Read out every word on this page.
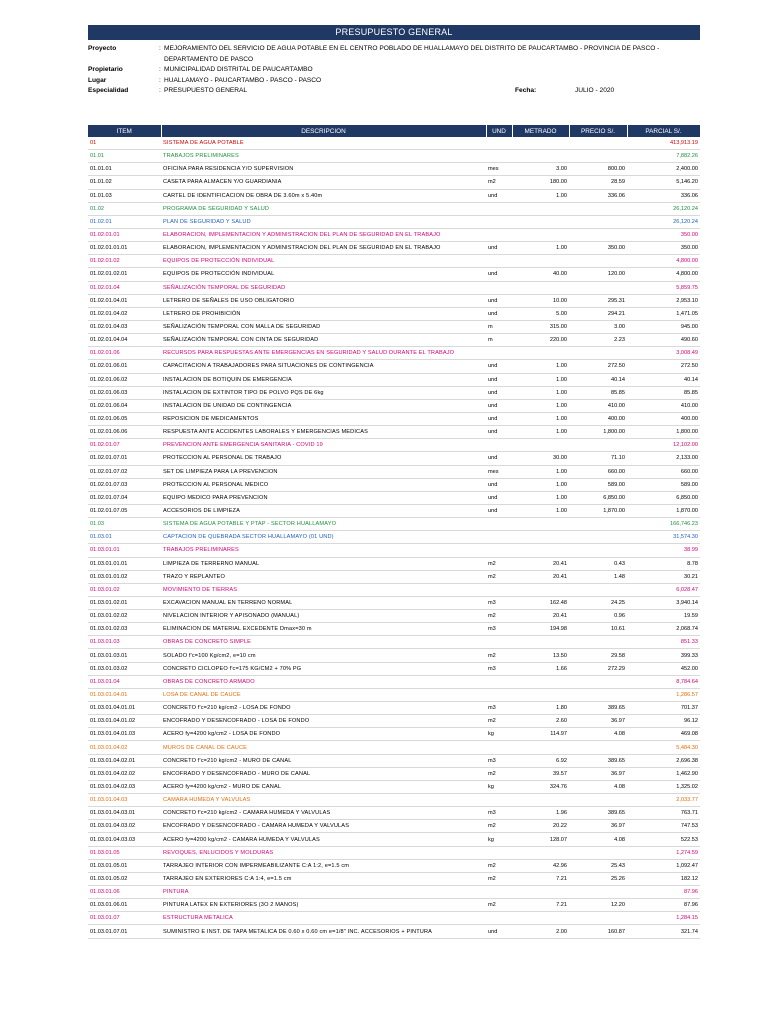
PRESUPUESTO GENERAL
Proyecto	: MEJORAMIENTO DEL SERVICIO DE AGUA POTABLE EN EL CENTRO POBLADO DE HUALLAMAYO DEL DISTRITO DE PAUCARTAMBO - PROVINCIA DE PASCO - DEPARTAMENTO DE PASCO
Propietario	: MUNICIPALIDAD DISTRITAL DE PAUCARTAMBO
Lugar	: HUALLAMAYO - PAUCARTAMBO - PASCO - PASCO
Especialidad	: PRESUPUESTO GENERAL	Fecha:	JULIO - 2020
ITEM	DESCRIPCION	UND	METRADO	PRECIO S/.	PARCIAL S/.
01	SISTEMA DE AGUA POTABLE				413,913.19
01.01	TRABAJOS PRELIMINARES				7,882.26
01.01.01	OFICINA PARA RESIDENCIA Y/O SUPERVISION	mes	3.00	800.00	2,400.00
01.01.02	CASETA PARA ALMACEN Y/O GUARDIANIA	m2	180.00	28.59	5,146.20
01.01.03	CARTEL DE IDENTIFICACION DE OBRA DE 3.60m x 5.40m	und	1.00	336.06	336.06
01.02	PROGRAMA DE SEGURIDAD Y SALUD				26,120.24
01.02.01	PLAN DE SEGURIDAD Y SALUD				26,120.24
01.02.01.01	ELABORACION, IMPLEMENTACION Y ADMINISTRACION DEL PLAN DE SEGURIDAD EN EL TRABAJO				350.00
01.02.01.01.01	ELABORACION, IMPLEMENTACION Y ADMINISTRACION DEL PLAN DE SEGURIDAD EN EL TRABAJO	und	1.00	350.00	350.00
01.02.01.02	EQUIPOS DE PROTECCIÓN INDIVIDUAL				4,800.00
01.02.01.02.01	EQUIPOS DE PROTECCIÓN INDIVIDUAL	und	40.00	120.00	4,800.00
01.02.01.04	SEÑALIZACIÓN TEMPORAL DE SEGURIDAD				5,859.75
01.02.01.04.01	LETRERO DE SEÑALES DE USO OBLIGATORIO	und	10.00	295.31	2,953.10
01.02.01.04.02	LETRERO DE PROHIBICIÓN	und	5.00	294.21	1,471.05
01.02.01.04.03	SEÑALIZACIÓN TEMPORAL CON MALLA DE SEGURIDAD	m	315.00	3.00	945.00
01.02.01.04.04	SEÑALIZACIÓN TEMPORAL CON CINTA DE SEGURIDAD	m	220.00	2.23	490.60
01.02.01.06	RECURSOS PARA RESPUESTAS ANTE EMERGENCIAS EN SEGURIDAD Y SALUD DURANTE EL TRABAJO				3,008.49
01.02.01.06.01	CAPACITACION A TRABAJADORES PARA SITUACIONES DE CONTINGENCIA	und	1.00	272.50	272.50
01.02.01.06.02	INSTALACION DE BOTIQUIN DE EMERGENCIA	und	1.00	40.14	40.14
01.02.01.06.03	INSTALACION DE EXTINTOR TIPO DE POLVO PQS DE 6kg	und	1.00	85.85	85.85
01.02.01.06.04	INSTALACION DE UNIDAD DE CONTINGENCIA	und	1.00	410.00	410.00
01.02.01.06.05	REPOSICION DE MEDICAMENTOS	und	1.00	400.00	400.00
01.02.01.06.06	RESPUESTA ANTE ACCIDENTES LABORALES Y EMERGENCIAS MEDICAS	und	1.00	1,800.00	1,800.00
01.02.01.07	PREVENCION ANTE EMERGENCIA SANITARIA - COVID 19				12,102.00
01.02.01.07.01	PROTECCION AL PERSONAL DE TRABAJO	und	30.00	71.10	2,133.00
01.02.01.07.02	SET DE LIMPIEZA PARA LA PREVENCION	mes	1.00	660.00	660.00
01.02.01.07.03	PROTECCION AL PERSONAL MEDICO	und	1.00	589.00	589.00
01.02.01.07.04	EQUIPO MEDICO PARA PREVENCION	und	1.00	6,850.00	6,850.00
01.02.01.07.05	ACCESORIOS DE LIMPIEZA	und	1.00	1,870.00	1,870.00
01.03	SISTEMA DE AGUA POTABLE Y PTAP - SECTOR HUALLAMAYO				166,746.23
01.03.01	CAPTACION DE QUEBRADA SECTOR HUALLAMAYO (01 UND)				31,574.30
01.03.01.01	TRABAJOS PRELIMINARES				38.99
01.03.01.01.01	LIMPIEZA DE TERRERNO MANUAL	m2	20.41	0.43	8.78
01.03.01.01.02	TRAZO Y REPLANTEO	m2	20.41	1.48	30.21
01.03.01.02	MOVIMIENTO DE TIERRAS				6,028.47
01.03.01.02.01	EXCAVACION MANUAL EN TERRENO NORMAL	m3	162.48	24.25	3,940.14
01.03.01.02.02	NIVELACION INTERIOR Y APISONADO (MANUAL)	m2	20.41	0.96	19.59
01.03.01.02.03	ELIMINACION DE MATERIAL EXCEDENTE Dmax=30 m	m3	194.98	10.61	2,068.74
01.03.01.03	OBRAS DE CONCRETO SIMPLE				851.33
01.03.01.03.01	SOLADO f'c=100 Kg/cm2, e=10 cm	m2	13.50	29.58	399.33
01.03.01.03.02	CONCRETO CICLOPEO f'c=175 KG/CM2 + 70% PG	m3	1.66	272.29	452.00
01.03.01.04	OBRAS DE CONCRETO ARMADO				8,784.64
01.03.01.04.01	LOSA DE CANAL DE CAUCE				1,286.57
01.03.01.04.01.01	CONCRETO f'c=210 kg/cm2 - LOSA DE FONDO	m3	1.80	389.65	701.37
01.03.01.04.01.02	ENCOFRADO Y DESENCOFRADO - LOSA DE FONDO	m2	2.60	36.97	96.12
01.03.01.04.01.03	ACERO fy=4200 kg/cm2 - LOSA DE FONDO	kg	114.97	4.08	469.08
01.03.01.04.02	MUROS DE CANAL DE CAUCE				5,484.30
01.03.01.04.02.01	CONCRETO f'c=210 kg/cm2 - MURO DE CANAL	m3	6.92	389.65	2,696.38
01.03.01.04.02.02	ENCOFRADO Y DESENCOFRADO - MURO DE CANAL	m2	39.57	36.97	1,462.90
01.03.01.04.02.03	ACERO fy=4200 kg/cm2 - MURO DE CANAL	kg	324.76	4.08	1,325.02
01.03.01.04.03	CAMARA HUMEDA Y VALVULAS				2,033.77
01.03.01.04.03.01	CONCRETO f'c=210 kg/cm2 - CAMARA HUMEDA Y VALVULAS	m3	1.96	389.65	763.71
01.03.01.04.03.02	ENCOFRADO Y DESENCOFRADO - CAMARA HUMEDA Y VALVULAS	m2	20.22	36.97	747.53
01.03.01.04.03.03	ACERO fy=4200 kg/cm2 - CAMARA HUMEDA Y VALVULAS	kg	128.07	4.08	522.53
01.03.01.05	REVOQUES, ENLUCIDOS Y MOLDURAS				1,274.59
01.03.01.05.01	TARRAJEO INTERIOR CON IMPERMEABILIZANTE C:A 1:2, e=1.5 cm	m2	42.96	25.43	1,092.47
01.03.01.05.02	TARRAJEO EN EXTERIORES C:A 1:4, e=1.5 cm	m2	7.21	25.26	182.12
01.03.01.06	PINTURA				87.96
01.03.01.06.01	PINTURA LATEX EN EXTERIORES (3O 2 MANOS)	m2	7.21	12.20	87.96
01.03.01.07	ESTRUCTURA METALICA				1,284.15
01.03.01.07.01	SUMINISTRO E INST. DE TAPA METALICA DE 0.60 x 0.60 cm e=1/8" INC. ACCESORIOS + PINTURA	und	2.00	160.87	321.74
